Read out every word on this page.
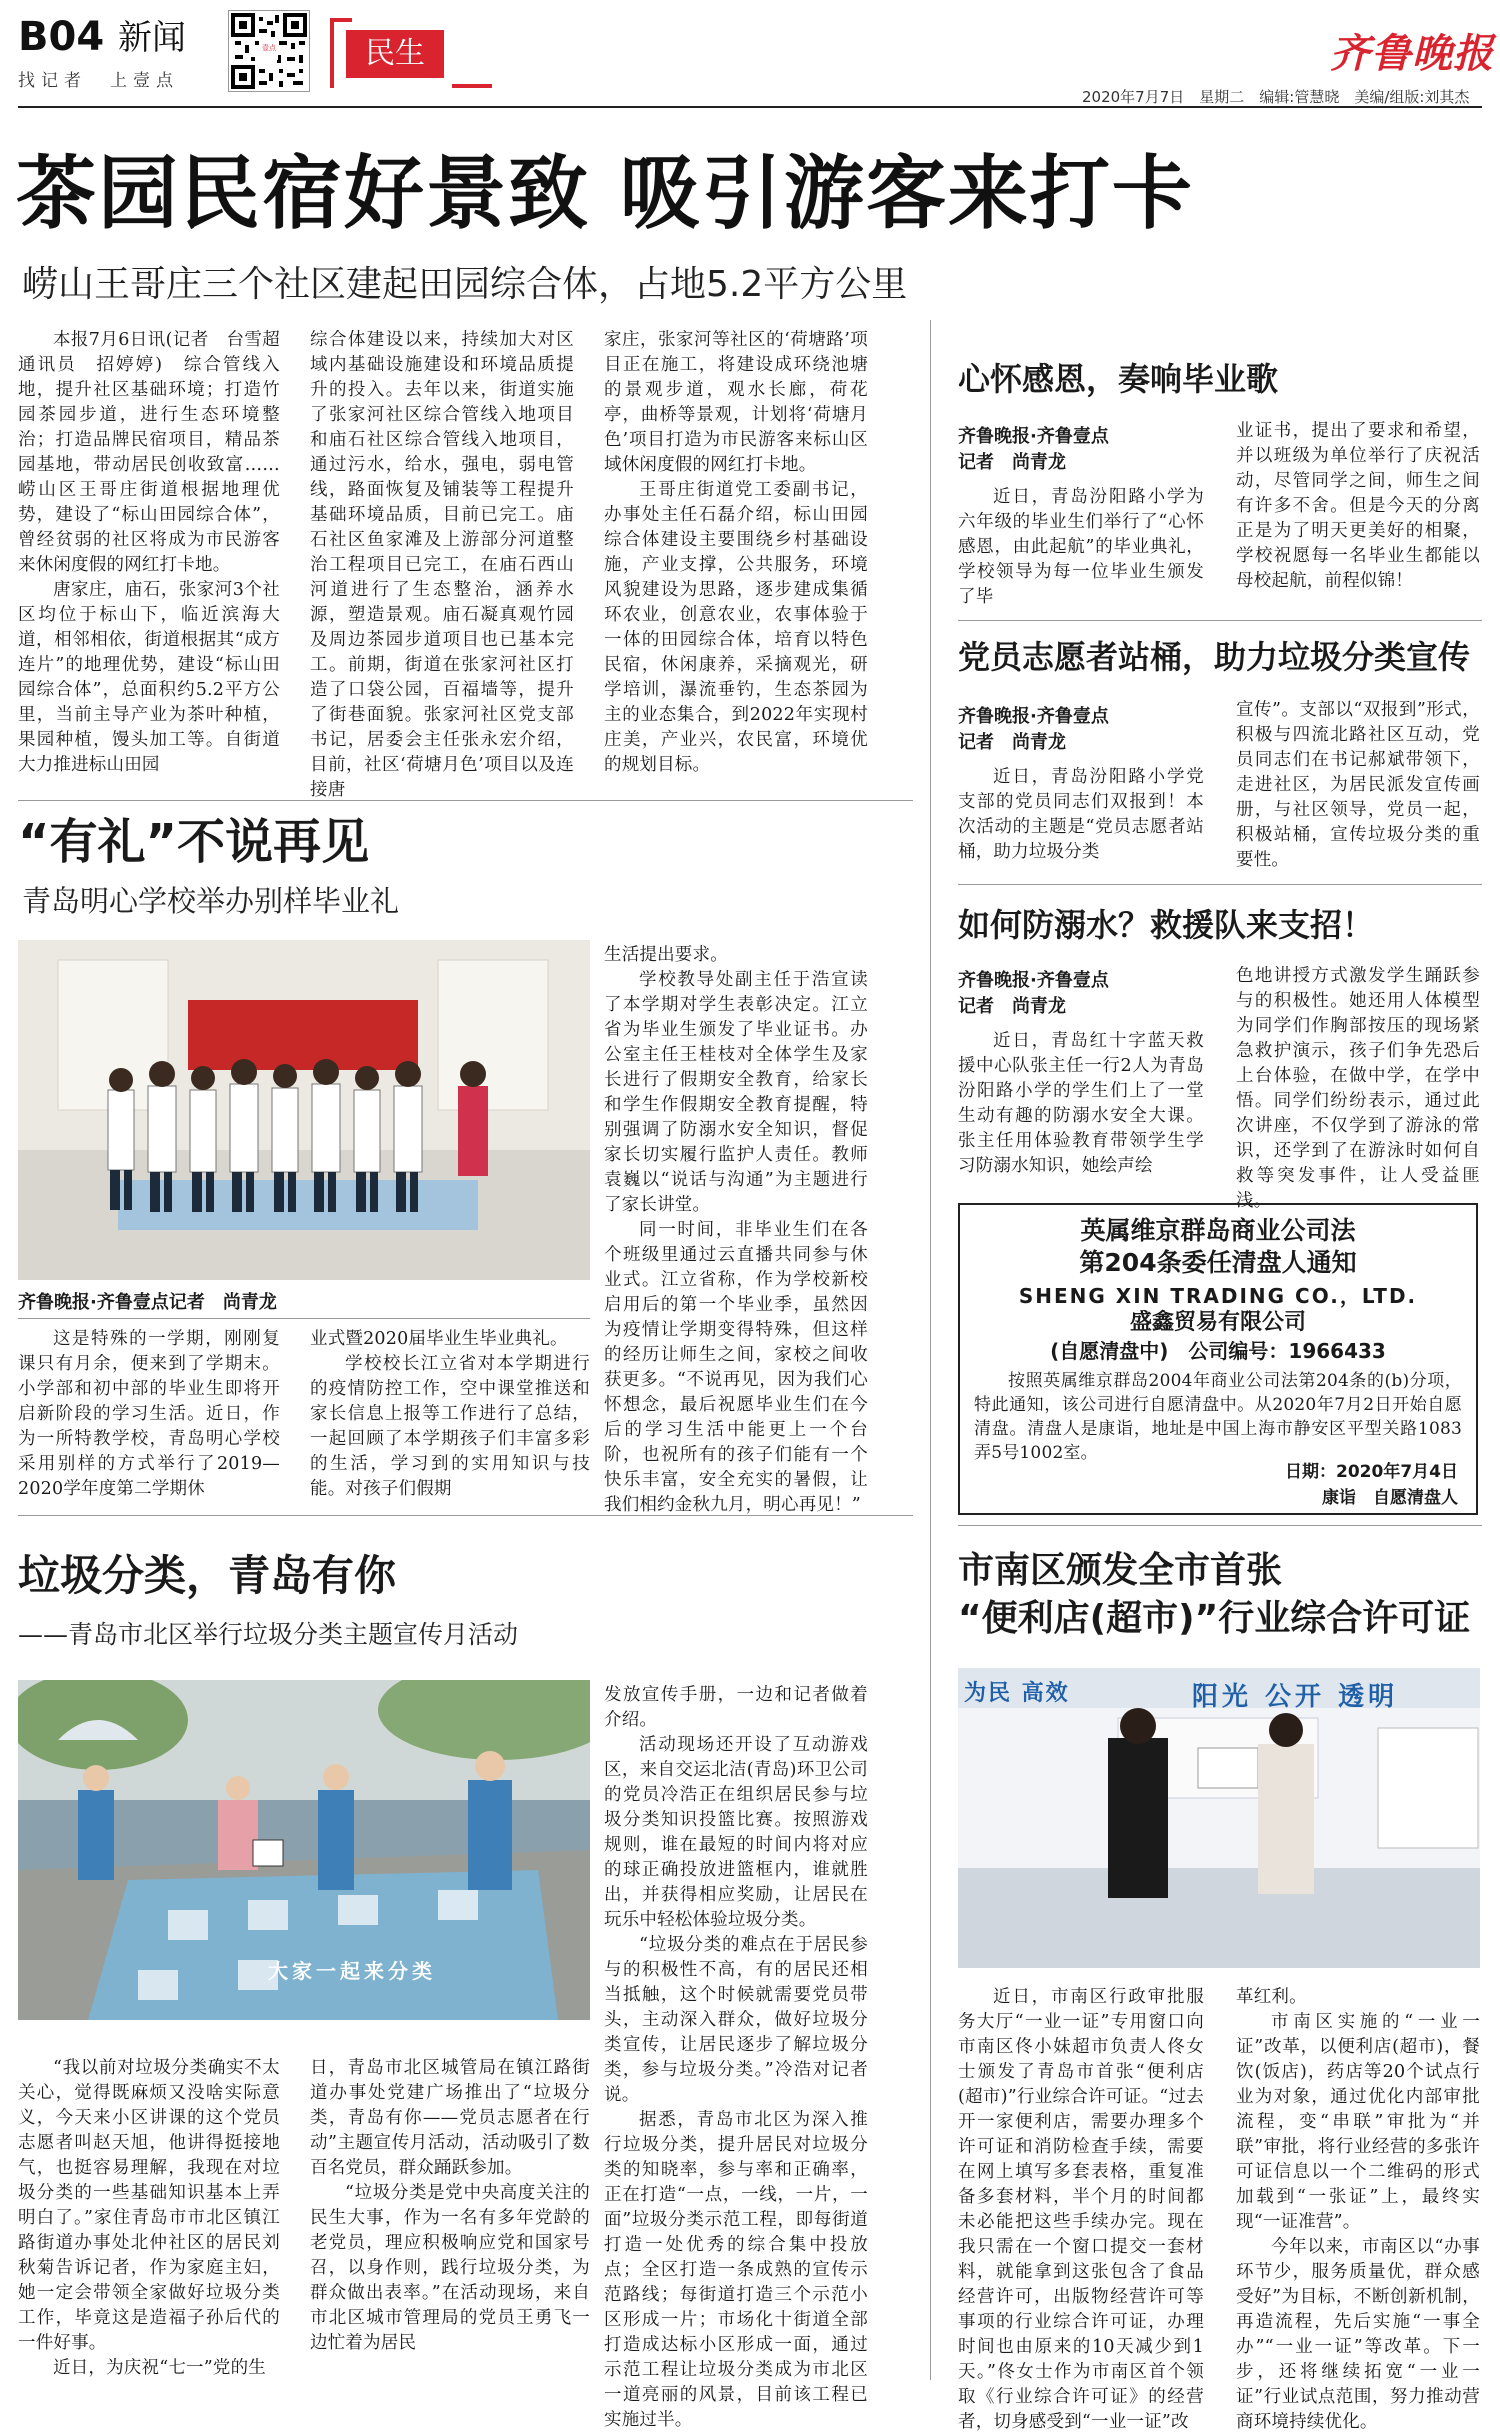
B04 新闻
找记者　上壹点
壹点	民生	齐鲁晚报
2020年7月7日　星期二　编辑:管慧晓　美编/组版:刘其杰
茶园民宿好景致 吸引游客来打卡
崂山王哥庄三个社区建起田园综合体，占地5.2平方公里

本报7月6日讯(记者　台雪超　通讯员　招婷婷)　综合管线入地，提升社区基础环境；打造竹园茶园步道，进行生态环境整治；打造品牌民宿项目，精品茶园基地，带动居民创收致富……崂山区王哥庄街道根据地理优势，建设了“标山田园综合体”，曾经贫弱的社区将成为市民游客来休闲度假的网红打卡地。

唐家庄，庙石，张家河3个社区均位于标山下，临近滨海大道，相邻相依，街道根据其“成方连片”的地理优势，建设“标山田园综合体”，总面积约5.2平方公里，当前主导产业为茶叶种植，果园种植，馒头加工等。自街道大力推进标山田园

综合体建设以来，持续加大对区域内基础设施建设和环境品质提升的投入。去年以来，街道实施了张家河社区综合管线入地项目和庙石社区综合管线入地项目，通过污水，给水，强电，弱电管线，路面恢复及铺装等工程提升基础环境品质，目前已完工。庙石社区鱼家滩及上游部分河道整治工程项目已完工，在庙石西山河道进行了生态整治，涵养水源，塑造景观。庙石凝真观竹园及周边茶园步道项目也已基本完工。前期，街道在张家河社区打造了口袋公园，百福墙等，提升了街巷面貌。张家河社区党支部书记，居委会主任张永宏介绍，目前，社区‘荷塘月色’项目以及连接唐

家庄，张家河等社区的‘荷塘路’项目正在施工，将建设成环绕池塘的景观步道，观水长廊，荷花亭，曲桥等景观，计划将‘荷塘月色’项目打造为市民游客来标山区域休闲度假的网红打卡地。

王哥庄街道党工委副书记，办事处主任石磊介绍，标山田园综合体建设主要围绕乡村基础设施，产业支撑，公共服务，环境风貌建设为思路，逐步建成集循环农业，创意农业，农事体验于一体的田园综合体，培育以特色民宿，休闲康养，采摘观光，研学培训，瀑流垂钓，生态茶园为主的业态集合，到2022年实现村庄美，产业兴，农民富，环境优的规划目标。

“有礼”不说再见
青岛明心学校举办别样毕业礼
齐鲁晚报·齐鲁壹点记者　尚青龙

这是特殊的一学期，刚刚复课只有月余，便来到了学期末。小学部和初中部的毕业生即将开启新阶段的学习生活。近日，作为一所特教学校，青岛明心学校采用别样的方式举行了2019—2020学年度第二学期休

业式暨2020届毕业生毕业典礼。

学校校长江立省对本学期进行的疫情防控工作，空中课堂推送和家长信息上报等工作进行了总结，一起回顾了本学期孩子们丰富多彩的生活，学习到的实用知识与技能。对孩子们假期

生活提出要求。

学校教导处副主任于浩宣读了本学期对学生表彰决定。江立省为毕业生颁发了毕业证书。办公室主任王桂枝对全体学生及家长进行了假期安全教育，给家长和学生作假期安全教育提醒，特别强调了防溺水安全知识，督促家长切实履行监护人责任。教师袁巍以“说话与沟通”为主题进行了家长讲堂。

同一时间，非毕业生们在各个班级里通过云直播共同参与休业式。江立省称，作为学校新校启用后的第一个毕业季，虽然因为疫情让学期变得特殊，但这样的经历让师生之间，家校之间收获更多。“不说再见，因为我们心怀想念，最后祝愿毕业生们在今后的学习生活中能更上一个台阶，也祝所有的孩子们能有一个快乐丰富，安全充实的暑假，让我们相约金秋九月，明心再见！”

垃圾分类，青岛有你
——青岛市北区举行垃圾分类主题宣传月活动
大家一起来分类

“我以前对垃圾分类确实不太关心，觉得既麻烦又没啥实际意义，今天来小区讲课的这个党员志愿者叫赵天旭，他讲得挺接地气，也挺容易理解，我现在对垃圾分类的一些基础知识基本上弄明白了。”家住青岛市市北区镇江路街道办事处北仲社区的居民刘秋菊告诉记者，作为家庭主妇，她一定会带领全家做好垃圾分类工作，毕竟这是造福子孙后代的一件好事。

近日，为庆祝“七一”党的生

日，青岛市北区城管局在镇江路街道办事处党建广场推出了“垃圾分类，青岛有你——党员志愿者在行动”主题宣传月活动，活动吸引了数百名党员，群众踊跃参加。

“垃圾分类是党中央高度关注的民生大事，作为一名有多年党龄的老党员，理应积极响应党和国家号召，以身作则，践行垃圾分类，为群众做出表率。”在活动现场，来自市北区城市管理局的党员王勇飞一边忙着为居民

发放宣传手册，一边和记者做着介绍。

活动现场还开设了互动游戏区，来自交运北洁(青岛)环卫公司的党员冷浩正在组织居民参与垃圾分类知识投篮比赛。按照游戏规则，谁在最短的时间内将对应的球正确投放进篮框内，谁就胜出，并获得相应奖励，让居民在玩乐中轻松体验垃圾分类。

“垃圾分类的难点在于居民参与的积极性不高，有的居民还相当抵触，这个时候就需要党员带头，主动深入群众，做好垃圾分类宣传，让居民逐步了解垃圾分类，参与垃圾分类。”冷浩对记者说。

据悉，青岛市北区为深入推行垃圾分类，提升居民对垃圾分类的知晓率，参与率和正确率，正在打造“一点，一线，一片，一面”垃圾分类示范工程，即每街道打造一处优秀的综合集中投放点；全区打造一条成熟的宣传示范路线；每街道打造三个示范小区形成一片；市场化十街道全部打造成达标小区形成一面，通过示范工程让垃圾分类成为市北区一道亮丽的风景，目前该工程已实施过半。

心怀感恩，奏响毕业歌
齐鲁晚报·齐鲁壹点
记者　尚青龙

近日，青岛汾阳路小学为六年级的毕业生们举行了“心怀感恩，由此起航”的毕业典礼，学校领导为每一位毕业生颁发了毕

业证书，提出了要求和希望，并以班级为单位举行了庆祝活动，尽管同学之间，师生之间有许多不舍。但是今天的分离正是为了明天更美好的相聚，学校祝愿每一名毕业生都能以母校起航，前程似锦！

党员志愿者站桶，助力垃圾分类宣传
齐鲁晚报·齐鲁壹点
记者　尚青龙

近日，青岛汾阳路小学党支部的党员同志们双报到！本次活动的主题是“党员志愿者站桶，助力垃圾分类

宣传”。支部以“双报到”形式，积极与四流北路社区互动，党员同志们在书记郝斌带领下，走进社区，为居民派发宣传画册，与社区领导，党员一起，积极站桶，宣传垃圾分类的重要性。

如何防溺水？救援队来支招！
齐鲁晚报·齐鲁壹点
记者　尚青龙

近日，青岛红十字蓝天救援中心队张主任一行2人为青岛汾阳路小学的学生们上了一堂生动有趣的防溺水安全大课。张主任用体验教育带领学生学习防溺水知识，她绘声绘

色地讲授方式激发学生踊跃参与的积极性。她还用人体模型为同学们作胸部按压的现场紧急救护演示，孩子们争先恐后上台体验，在做中学，在学中悟。同学们纷纷表示，通过此次讲座，不仅学到了游泳的常识，还学到了在游泳时如何自救等突发事件，让人受益匪浅。

英属维京群岛商业公司法
第204条委任清盘人通知
SHENG XIN TRADING CO.，LTD.
盛鑫贸易有限公司
(自愿清盘中)　公司编号：1966433

按照英属维京群岛2004年商业公司法第204条的(b)分项，特此通知，该公司进行自愿清盘中。从2020年7月2日开始自愿清盘。清盘人是康诣，地址是中国上海市静安区平型关路1083弄5号1002室。

日期：2020年7月4日
康诣　自愿清盘人
市南区颁发全市首张
“便利店(超市)”行业综合许可证
为民 高效	阳光 公开 透明

近日，市南区行政审批服务大厅“一业一证”专用窗口向市南区佟小妹超市负责人佟女士颁发了青岛市首张“便利店(超市)”行业综合许可证。“过去开一家便利店，需要办理多个许可证和消防检查手续，需要在网上填写多套表格，重复准备多套材料，半个月的时间都未必能把这些手续办完。现在我只需在一个窗口提交一套材料，就能拿到这张包含了食品经营许可，出版物经营许可等事项的行业综合许可证，办理时间也由原来的10天减少到1天。”佟女士作为市南区首个领取《行业综合许可证》的经营者，切身感受到“一业一证”改

革红利。

市南区实施的“一业一证”改革，以便利店(超市)，餐饮(饭店)，药店等20个试点行业为对象，通过优化内部审批流程，变“串联”审批为“并联”审批，将行业经营的多张许可证信息以一个二维码的形式加载到“一张证”上，最终实现“一证准营”。

今年以来，市南区以“办事环节少，服务质量优，群众感受好”为目标，不断创新机制，再造流程，先后实施“一事全办”“一业一证”等改革。下一步，还将继续拓宽“一业一证”行业试点范围，努力推动营商环境持续优化。
